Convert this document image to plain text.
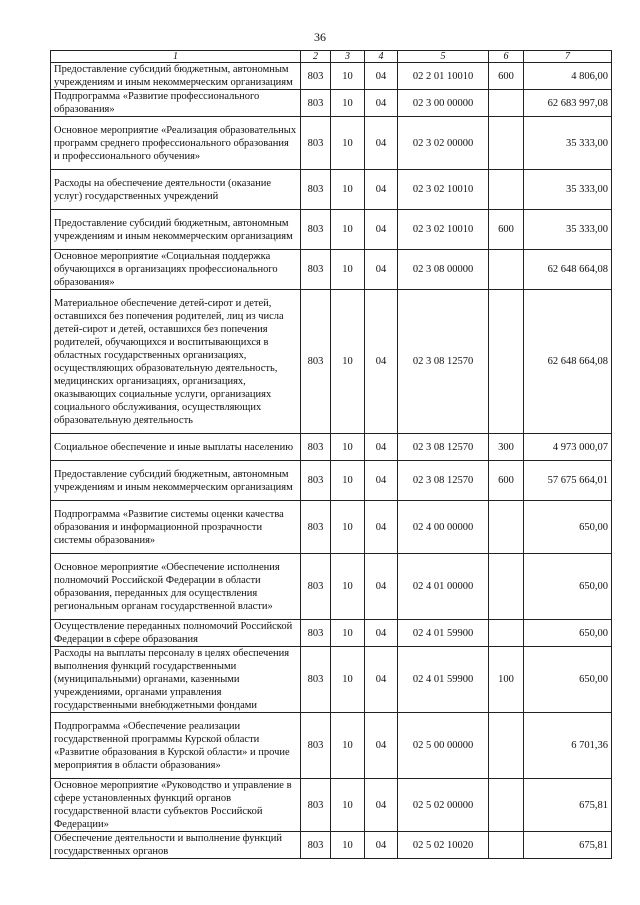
36
1	2	3	4	5	6	7
Предоставление субсидий бюджетным, автономным учреждениям и иным некоммерческим организациям	803	10	04	02 2 01 10010	600	4 806,00
Подпрограмма «Развитие профессионального образования»	803	10	04	02 3 00 00000		62 683 997,08
Основное мероприятие «Реализация образовательных программ среднего профессионального образования и профессионального обучения»	803	10	04	02 3 02 00000		35 333,00
Расходы на обеспечение деятельности (оказание услуг) государственных учреждений	803	10	04	02 3 02 10010		35 333,00
Предоставление субсидий бюджетным, автономным учреждениям и иным некоммерческим организациям	803	10	04	02 3 02 10010	600	35 333,00
Основное мероприятие «Социальная поддержка обучающихся в организациях профессионального образования»	803	10	04	02 3 08 00000		62 648 664,08
Материальное обеспечение детей-сирот и детей, оставшихся без попечения родителей, лиц из числа детей-сирот и детей, оставшихся без попечения родителей, обучающихся и воспитывающихся в областных государственных организациях, осуществляющих образовательную деятельность, медицинских организациях, организациях, оказывающих социальные услуги, организациях социального обслуживания, осуществляющих образовательную деятельность	803	10	04	02 3 08 12570		62 648 664,08
Социальное обеспечение и иные выплаты населению	803	10	04	02 3 08 12570	300	4 973 000,07
Предоставление субсидий бюджетным, автономным учреждениям и иным некоммерческим организациям	803	10	04	02 3 08 12570	600	57 675 664,01
Подпрограмма «Развитие системы оценки качества образования и информационной прозрачности системы образования»	803	10	04	02 4 00 00000		650,00
Основное мероприятие «Обеспечение исполнения полномочий Российской Федерации в области образования, переданных для осуществления региональным органам государственной власти»	803	10	04	02 4 01 00000		650,00
Осуществление переданных полномочий Российской Федерации в сфере образования	803	10	04	02 4 01 59900		650,00
Расходы на выплаты персоналу в целях обеспечения выполнения функций государственными (муниципальными) органами, казенными учреждениями, органами управления государственными внебюджетными фондами	803	10	04	02 4 01 59900	100	650,00
Подпрограмма «Обеспечение реализации государственной программы Курской области «Развитие образования в Курской области» и прочие мероприятия в области образования»	803	10	04	02 5 00 00000		6 701,36
Основное мероприятие «Руководство и управление в сфере установленных функций органов государственной власти субъектов Российской Федерации»	803	10	04	02 5 02 00000		675,81
Обеспечение деятельности и выполнение функций государственных органов	803	10	04	02 5 02 10020		675,81
